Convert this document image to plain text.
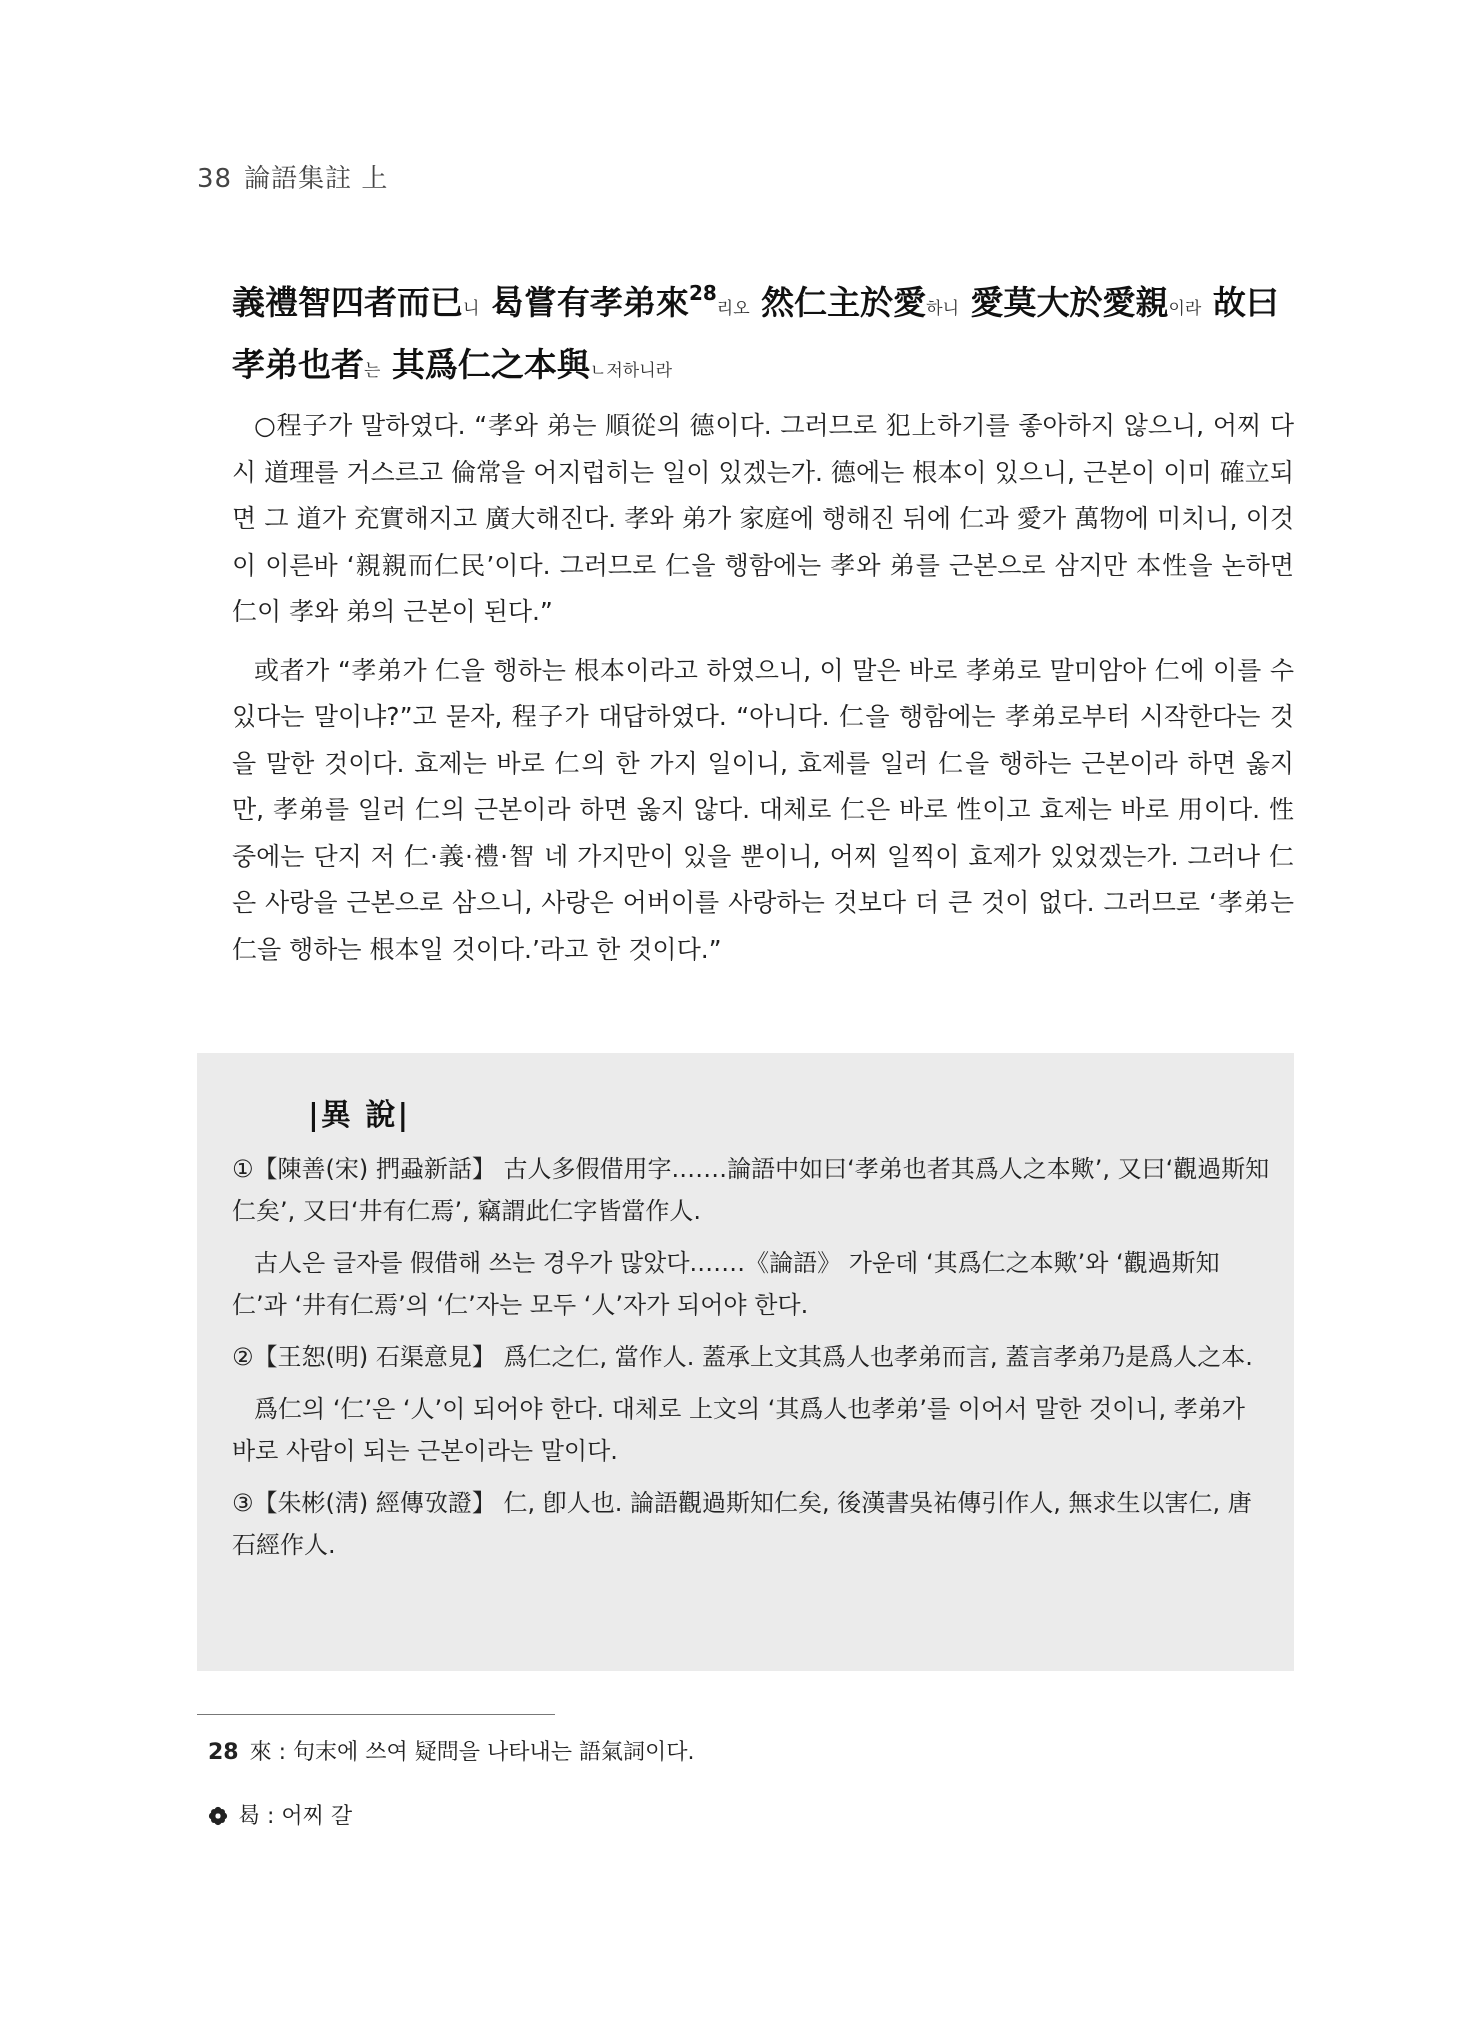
38 論語集註 上
義禮智四者而已니 曷嘗有孝弟來$^{28}$리오 然仁主於愛하니 愛莫大於愛親이라 故曰 孝弟也者는 其爲仁之本與ㄴ저하니라

○程子가 말하였다. “孝와 弟는 順從의 德이다. 그러므로 犯上하기를 좋아하지 않으니, 어찌 다시 道理를 거스르고 倫常을 어지럽히는 일이 있겠는가. 德에는 根本이 있으니, 근본이 이미 確立되면 그 道가 充實해지고 廣大해진다. 孝와 弟가 家庭에 행해진 뒤에 仁과 愛가 萬物에 미치니, 이것이 이른바 ‘親親而仁民’이다. 그러므로 仁을 행함에는 孝와 弟를 근본으로 삼지만 本性을 논하면 仁이 孝와 弟의 근본이 된다.”

或者가 “孝弟가 仁을 행하는 根本이라고 하였으니, 이 말은 바로 孝弟로 말미암아 仁에 이를 수 있다는 말이냐?”고 묻자, 程子가 대답하였다. “아니다. 仁을 행함에는 孝弟로부터 시작한다는 것을 말한 것이다. 효제는 바로 仁의 한 가지 일이니, 효제를 일러 仁을 행하는 근본이라 하면 옳지만, 孝弟를 일러 仁의 근본이라 하면 옳지 않다. 대체로 仁은 바로 性이고 효제는 바로 用이다. 性 중에는 단지 저 仁·義·禮·智 네 가지만이 있을 뿐이니, 어찌 일찍이 효제가 있었겠는가. 그러나 仁은 사랑을 근본으로 삼으니, 사랑은 어버이를 사랑하는 것보다 더 큰 것이 없다. 그러므로 ‘孝弟는 仁을 행하는 根本일 것이다.’라고 한 것이다.”

|異 說|

①【陳善(宋) 捫蝨新話】 古人多假借用字.……論語中如曰‘孝弟也者其爲人之本歟’, 又曰‘觀過斯知仁矣’, 又曰‘井有仁焉’, 竊謂此仁字皆當作人.

古人은 글자를 假借해 쓰는 경우가 많았다.……《論語》 가운데 ‘其爲仁之本歟’와 ‘觀過斯知仁’과 ‘井有仁焉’의 ‘仁’자는 모두 ‘人’자가 되어야 한다.

②【王恕(明) 石渠意見】 爲仁之仁, 當作人. 蓋承上文其爲人也孝弟而言, 蓋言孝弟乃是爲人之本.

爲仁의 ‘仁’은 ‘人’이 되어야 한다. 대체로 上文의 ‘其爲人也孝弟’를 이어서 말한 것이니, 孝弟가 바로 사람이 되는 근본이라는 말이다.

③【朱彬(淸) 經傳攷證】 仁, 卽人也. 論語觀過斯知仁矣, 後漢書吳祐傳引作人, 無求生以害仁, 唐石經作人.

28 來 : 句末에 쓰여 疑問을 나타내는 語氣詞이다.
曷 : 어찌 갈
